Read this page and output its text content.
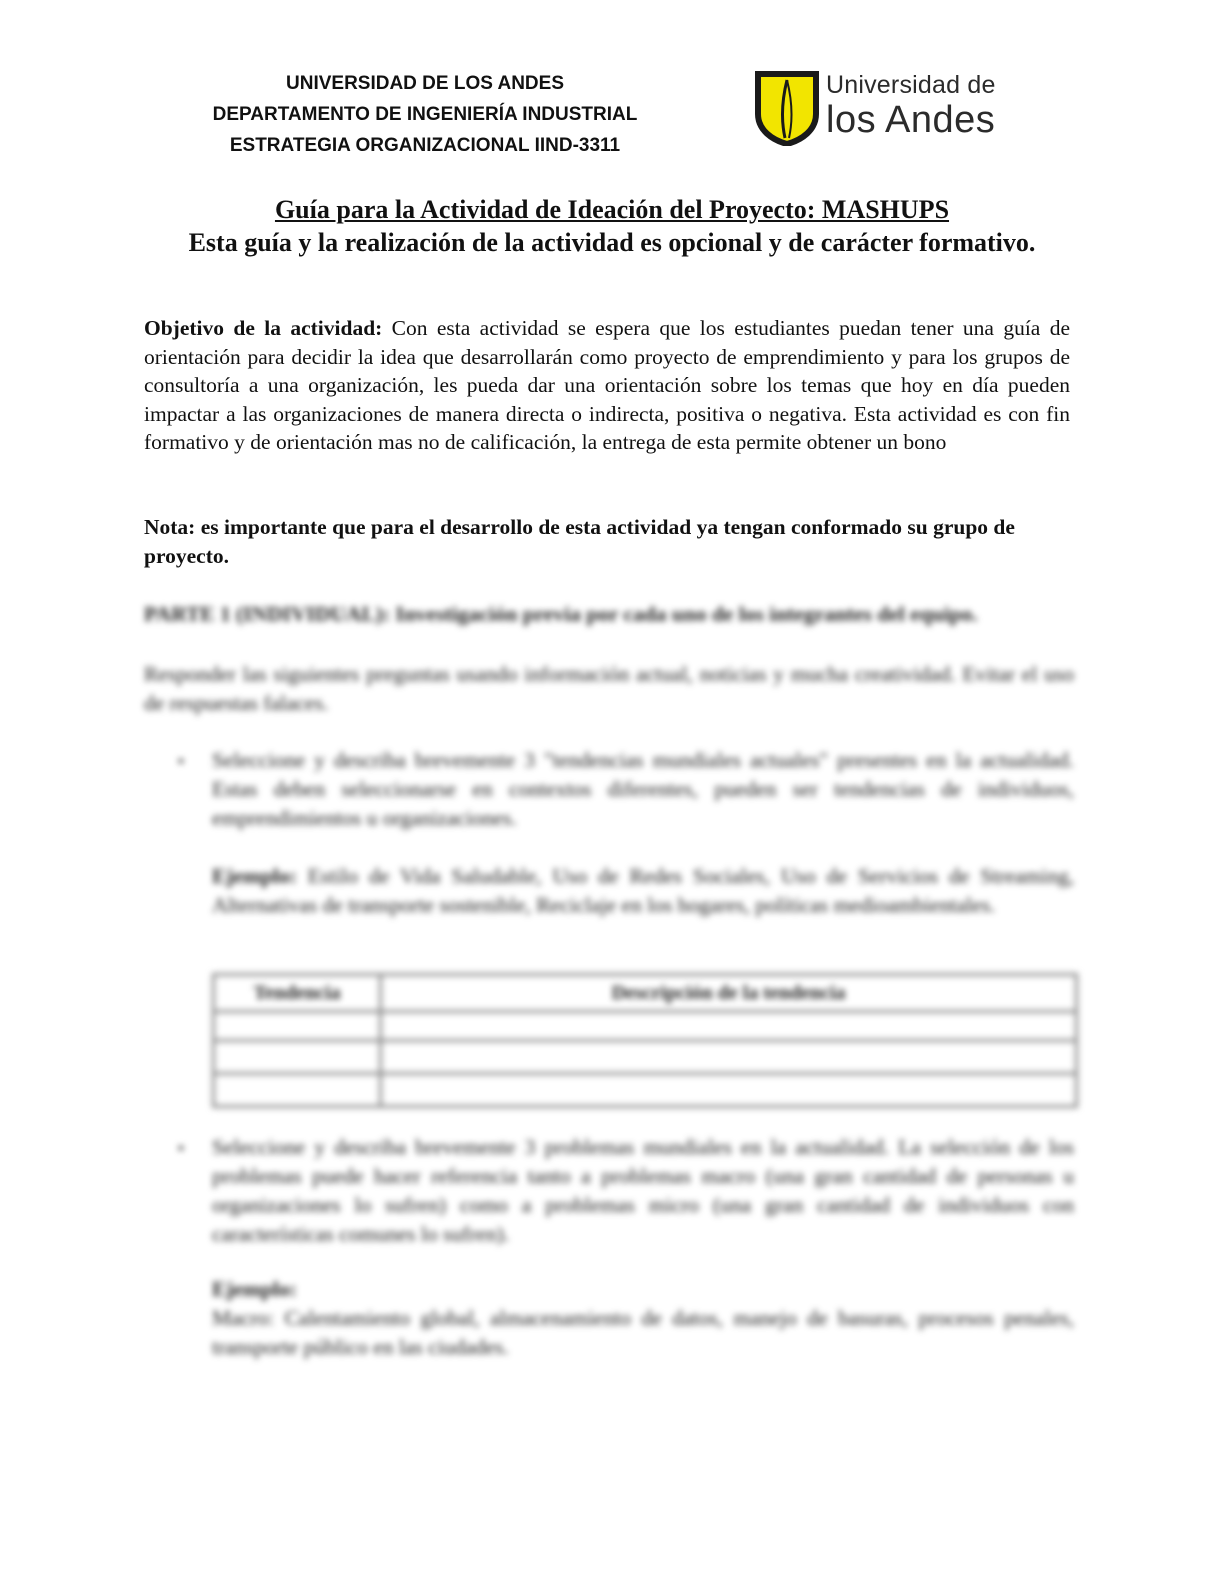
UNIVERSIDAD DE LOS ANDES
DEPARTAMENTO DE INGENIERÍA INDUSTRIAL
ESTRATEGIA ORGANIZACIONAL IIND-3311
Universidad de
los Andes
Guía para la Actividad de Ideación del Proyecto: MASHUPS
Esta guía y la realización de la actividad es opcional y de carácter formativo.
Objetivo de la actividad: Con esta actividad se espera que los estudiantes puedan tener una guía de orientación para decidir la idea que desarrollarán como proyecto de emprendimiento y para los grupos de consultoría a una organización, les pueda dar una orientación sobre los temas que hoy en día pueden impactar a las organizaciones de manera directa o indirecta, positiva o negativa. Esta actividad es con fin formativo y de orientación mas no de calificación, la entrega de esta permite obtener un bono
Nota: es importante que para el desarrollo de esta actividad ya tengan conformado su grupo de proyecto.
PARTE 1 (INDIVIDUAL): Investigación previa por cada uno de los integrantes del equipo.
Responder las siguientes preguntas usando información actual, noticias y mucha creatividad. Evitar el uso de respuestas falaces.
▪ Seleccione y describa brevemente 3 "tendencias mundiales actuales" presentes en la actualidad. Estas deben seleccionarse en contextos diferentes, pueden ser tendencias de individuos, emprendimientos u organizaciones.
Ejemplo: Estilo de Vida Saludable, Uso de Redes Sociales, Uso de Servicios de Streaming, Alternativas de transporte sostenible, Reciclaje en los hogares, políticas medioambientales.
Tendencia	Descripción de la tendencia

▪ Seleccione y describa brevemente 3 problemas mundiales en la actualidad. La selección de los problemas puede hacer referencia tanto a problemas macro (una gran cantidad de personas u organizaciones lo sufren) como a problemas micro (una gran cantidad de individuos con características comunes lo sufren).
Ejemplo:
Macro: Calentamiento global, almacenamiento de datos, manejo de basuras, procesos penales, transporte público en las ciudades.
